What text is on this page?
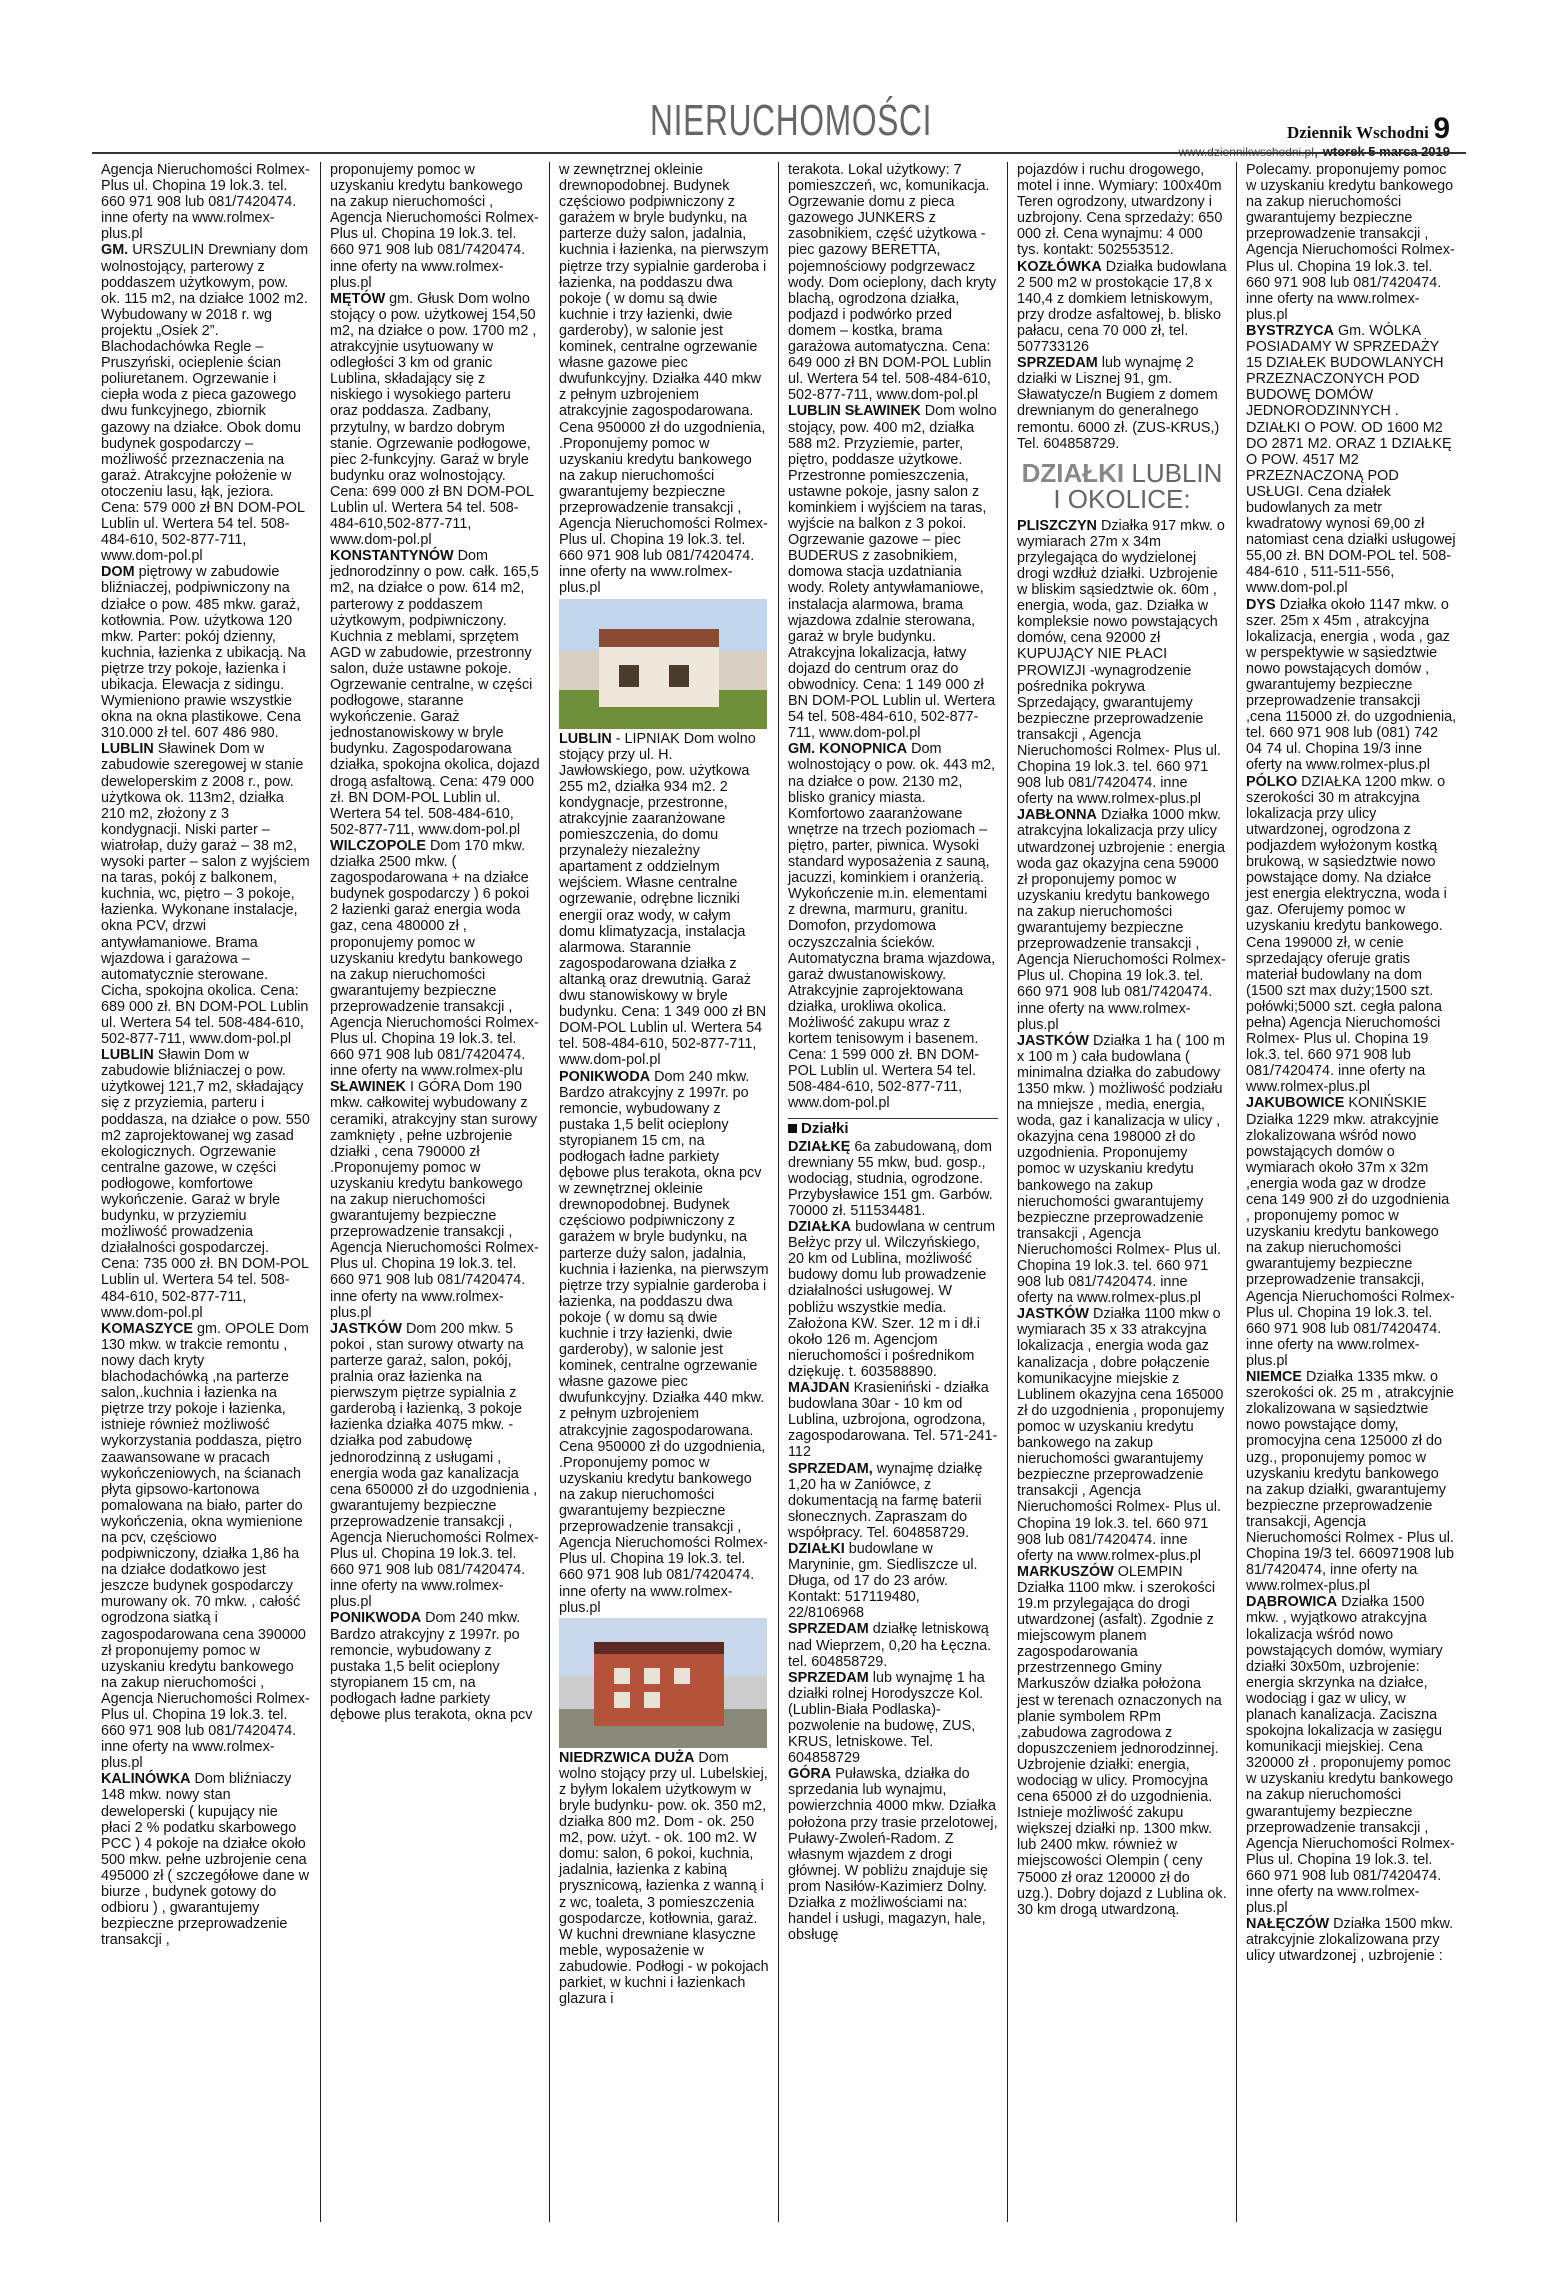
NIERUCHOMOŚCI	Dziennik Wschodni 9

Agencja Nieruchomości Rolmex-Plus ul. Chopina 19 lok.3. tel. 660 971 908 lub 081/7420474. inne oferty na www.rolmex-plus.pl

GM. URSZULIN Drewniany dom wolnostojący, parterowy z poddaszem użytkowym, pow. ok. 115 m2, na działce 1002 m2. Wybudowany w 2018 r. wg projektu „Osiek 2”. Blachodachówka Regle – Pruszyński, ocieplenie ścian poliuretanem. Ogrzewanie i ciepła woda z pieca gazowego dwu funkcyjnego, zbiornik gazowy na działce. Obok domu budynek gospodarczy – możliwość przeznaczenia na garaż. Atrakcyjne położenie w otoczeniu lasu, łąk, jeziora. Cena: 579 000 zł BN DOM-POL Lublin ul. Wertera 54 tel. 508-484-610, 502-877-711, www.dom-pol.pl

DOM piętrowy w zabudowie bliźniaczej, podpiwniczony na działce o pow. 485 mkw. garaż, kotłownia. Pow. użytkowa 120 mkw. Parter: pokój dzienny, kuchnia, łazienka z ubikacją. Na piętrze trzy pokoje, łazienka i ubikacja. Elewacja z sidingu. Wymieniono prawie wszystkie okna na okna plastikowe. Cena 310.000 zł tel. 607 486 980.

LUBLIN Sławinek Dom w zabudowie szeregowej w stanie deweloperskim z 2008 r., pow. użytkowa ok. 113m2, działka 210 m2, złożony z 3 kondygnacji. Niski parter – wiatrołap, duży garaż – 38 m2, wysoki parter – salon z wyjściem na taras, pokój z balkonem, kuchnia, wc, piętro – 3 pokoje, łazienka. Wykonane instalacje, okna PCV, drzwi antywłamaniowe. Brama wjazdowa i garażowa – automatycznie sterowane. Cicha, spokojna okolica. Cena: 689 000 zł. BN DOM-POL Lublin ul. Wertera 54 tel. 508-484-610, 502-877-711, www.dom-pol.pl

LUBLIN Sławin Dom w zabudowie bliźniaczej o pow. użytkowej 121,7 m2, składający się z przyziemia, parteru i poddasza, na działce o pow. 550 m2 zaprojektowanej wg zasad ekologicznych. Ogrzewanie centralne gazowe, w części podłogowe, komfortowe wykończenie. Garaż w bryle budynku, w przyziemiu możliwość prowadzenia działalności gospodarczej. Cena: 735 000 zł. BN DOM-POL Lublin ul. Wertera 54 tel. 508-484-610, 502-877-711, www.dom-pol.pl

KOMASZYCE gm. OPOLE Dom 130 mkw. w trakcie remontu , nowy dach kryty blachodachówką ,na parterze salon,.kuchnia i łazienka na piętrze trzy pokoje i łazienka, istnieje również możliwość wykorzystania poddasza, piętro zaawansowane w pracach wykończeniowych, na ścianach płyta gipsowo-kartonowa pomalowana na biało, parter do wykończenia, okna wymienione na pcv, częściowo podpiwniczony, działka 1,86 ha na działce dodatkowo jest jeszcze budynek gospodarczy murowany ok. 70 mkw. , całość ogrodzona siatką i zagospodarowana cena 390000 zł proponujemy pomoc w uzyskaniu kredytu bankowego na zakup nieruchomości , Agencja Nieruchomości Rolmex- Plus ul. Chopina 19 lok.3. tel. 660 971 908 lub 081/7420474. inne oferty na www.rolmex-plus.pl

KALINÓWKA Dom bliźniaczy 148 mkw. nowy stan deweloperski ( kupujący nie płaci 2 % podatku skarbowego PCC ) 4 pokoje na działce około 500 mkw. pełne uzbrojenie cena 495000 zł ( szczegółowe dane w biurze , budynek gotowy do odbioru ) , gwarantujemy bezpieczne przeprowadzenie transakcji ,

proponujemy pomoc w uzyskaniu kredytu bankowego na zakup nieruchomości , Agencja Nieruchomości Rolmex-Plus ul. Chopina 19 lok.3. tel. 660 971 908 lub 081/7420474. inne oferty na www.rolmex-plus.pl

MĘTÓW gm. Głusk Dom wolno stojący o pow. użytkowej 154,50 m2, na działce o pow. 1700 m2 , atrakcyjnie usytuowany w odległości 3 km od granic Lublina, składający się z niskiego i wysokiego parteru oraz poddasza. Zadbany, przytulny, w bardzo dobrym stanie. Ogrzewanie podłogowe, piec 2-funkcyjny. Garaż w bryle budynku oraz wolnostojący. Cena: 699 000 zł BN DOM-POL Lublin ul. Wertera 54 tel. 508-484-610,502-877-711, www.dom-pol.pl

KONSTANTYNÓW Dom jednorodzinny o pow. całk. 165,5 m2, na działce o pow. 614 m2, parterowy z poddaszem użytkowym, podpiwniczony. Kuchnia z meblami, sprzętem AGD w zabudowie, przestronny salon, duże ustawne pokoje. Ogrzewanie centralne, w części podłogowe, staranne wykończenie. Garaż jednostanowiskowy w bryle budynku. Zagospodarowana działka, spokojna okolica, dojazd drogą asfaltową. Cena: 479 000 zł. BN DOM-POL Lublin ul. Wertera 54 tel. 508-484-610, 502-877-711, www.dom-pol.pl

WILCZOPOLE Dom 170 mkw. działka 2500 mkw. ( zagospodarowana + na działce budynek gospodarczy ) 6 pokoi 2 łazienki garaż energia woda gaz, cena 480000 zł , proponujemy pomoc w uzyskaniu kredytu bankowego na zakup nieruchomości gwarantujemy bezpieczne przeprowadzenie transakcji , Agencja Nieruchomości Rolmex-Plus ul. Chopina 19 lok.3. tel. 660 971 908 lub 081/7420474. inne oferty na www.rolmex-plu

SŁAWINEK I GÓRA Dom 190 mkw. całkowitej wybudowany z ceramiki, atrakcyjny stan surowy zamknięty , pełne uzbrojenie działki , cena 790000 zł .Proponujemy pomoc w uzyskaniu kredytu bankowego na zakup nieruchomości gwarantujemy bezpieczne przeprowadzenie transakcji , Agencja Nieruchomości Rolmex- Plus ul. Chopina 19 lok.3. tel. 660 971 908 lub 081/7420474. inne oferty na www.rolmex-plus.pl

JASTKÓW Dom 200 mkw. 5 pokoi , stan surowy otwarty na parterze garaż, salon, pokój, pralnia oraz łazienka na pierwszym piętrze sypialnia z garderobą i łazienką, 3 pokoje łazienka działka 4075 mkw. - działka pod zabudowę jednorodzinną z usługami , energia woda gaz kanalizacja cena 650000 zł do uzgodnienia , gwarantujemy bezpieczne przeprowadzenie transakcji , Agencja Nieruchomości Rolmex-Plus ul. Chopina 19 lok.3. tel. 660 971 908 lub 081/7420474. inne oferty na www.rolmex-plus.pl

PONIKWODA Dom 240 mkw. Bardzo atrakcyjny z 1997r. po remoncie, wybudowany z pustaka 1,5 belit ocieplony styropianem 15 cm, na podłogach ładne parkiety dębowe plus terakota, okna pcv

w zewnętrznej okleinie drewnopodobnej. Budynek częściowo podpiwniczony z garażem w bryle budynku, na parterze duży salon, jadalnia, kuchnia i łazienka, na pierwszym piętrze trzy sypialnie garderoba i łazienka, na poddaszu dwa pokoje ( w domu są dwie kuchnie i trzy łazienki, dwie garderoby), w salonie jest kominek, centralne ogrzewanie własne gazowe piec dwufunkcyjny. Działka 440 mkw z pełnym uzbrojeniem atrakcyjnie zagospodarowana. Cena 950000 zł do uzgodnienia, .Proponujemy pomoc w uzyskaniu kredytu bankowego na zakup nieruchomości gwarantujemy bezpieczne przeprowadzenie transakcji , Agencja Nieruchomości Rolmex- Plus ul. Chopina 19 lok.3. tel. 660 971 908 lub 081/7420474. inne oferty na www.rolmex-plus.pl

LUBLIN - LIPNIAK Dom wolno stojący przy ul. H. Jawłowskiego, pow. użytkowa 255 m2, działka 934 m2. 2 kondygnacje, przestronne, atrakcyjnie zaaranżowane pomieszczenia, do domu przynależy niezależny apartament z oddzielnym wejściem. Własne centralne ogrzewanie, odrębne liczniki energii oraz wody, w całym domu klimatyzacja, instalacja alarmowa. Starannie zagospodarowana działka z altanką oraz drewutnią. Garaż dwu stanowiskowy w bryle budynku. Cena: 1 349 000 zł BN DOM-POL Lublin ul. Wertera 54 tel. 508-484-610, 502-877-711, www.dom-pol.pl

PONIKWODA Dom 240 mkw. Bardzo atrakcyjny z 1997r. po remoncie, wybudowany z pustaka 1,5 belit ocieplony styropianem 15 cm, na podłogach ładne parkiety dębowe plus terakota, okna pcv w zewnętrznej okleinie drewnopodobnej. Budynek częściowo podpiwniczony z garażem w bryle budynku, na parterze duży salon, jadalnia, kuchnia i łazienka, na pierwszym piętrze trzy sypialnie garderoba i łazienka, na poddaszu dwa pokoje ( w domu są dwie kuchnie i trzy łazienki, dwie garderoby), w salonie jest kominek, centralne ogrzewanie własne gazowe piec dwufunkcyjny. Działka 440 mkw. z pełnym uzbrojeniem atrakcyjnie zagospodarowana. Cena 950000 zł do uzgodnienia, .Proponujemy pomoc w uzyskaniu kredytu bankowego na zakup nieruchomości gwarantujemy bezpieczne przeprowadzenie transakcji , Agencja Nieruchomości Rolmex- Plus ul. Chopina 19 lok.3. tel. 660 971 908 lub 081/7420474. inne oferty na www.rolmex-plus.pl

NIEDRZWICA DUŻA Dom wolno stojący przy ul. Lubelskiej, z byłym lokalem użytkowym w bryle budynku- pow. ok. 350 m2, działka 800 m2. Dom - ok. 250 m2, pow. użyt. - ok. 100 m2. W domu: salon, 6 pokoi, kuchnia, jadalnia, łazienka z kabiną prysznicową, łazienka z wanną i z wc, toaleta, 3 pomieszczenia gospodarcze, kotłownia, garaż. W kuchni drewniane klasyczne meble, wyposażenie w zabudowie. Podłogi - w pokojach parkiet, w kuchni i łazienkach glazura i

terakota. Lokal użytkowy: 7 pomieszczeń, wc, komunikacja. Ogrzewanie domu z pieca gazowego JUNKERS z zasobnikiem, część użytkowa - piec gazowy BERETTA, pojemnościowy podgrzewacz wody. Dom ocieplony, dach kryty blachą, ogrodzona działka, podjazd i podwórko przed domem – kostka, brama garażowa automatyczna. Cena: 649 000 zł BN DOM-POL Lublin ul. Wertera 54 tel. 508-484-610, 502-877-711, www.dom-pol.pl

LUBLIN SŁAWINEK Dom wolno stojący, pow. 400 m2, działka 588 m2. Przyziemie, parter, piętro, poddasze użytkowe. Przestronne pomieszczenia, ustawne pokoje, jasny salon z kominkiem i wyjściem na taras, wyjście na balkon z 3 pokoi. Ogrzewanie gazowe – piec BUDERUS z zasobnikiem, domowa stacja uzdatniania wody. Rolety antywłamaniowe, instalacja alarmowa, brama wjazdowa zdalnie sterowana, garaż w bryle budynku. Atrakcyjna lokalizacja, łatwy dojazd do centrum oraz do obwodnicy. Cena: 1 149 000 zł BN DOM-POL Lublin ul. Wertera 54 tel. 508-484-610, 502-877-711, www.dom-pol.pl

GM. KONOPNICA Dom wolnostojący o pow. ok. 443 m2, na działce o pow. 2130 m2, blisko granicy miasta. Komfortowo zaaranżowane wnętrze na trzech poziomach – piętro, parter, piwnica. Wysoki standard wyposażenia z sauną, jacuzzi, kominkiem i oranżerią. Wykończenie m.in. elementami z drewna, marmuru, granitu. Domofon, przydomowa oczyszczalnia ścieków. Automatyczna brama wjazdowa, garaż dwustanowiskowy. Atrakcyjnie zaprojektowana działka, urokliwa okolica. Możliwość zakupu wraz z kortem tenisowym i basenem. Cena: 1 599 000 zł. BN DOM-POL Lublin ul. Wertera 54 tel. 508-484-610, 502-877-711, www.dom-pol.pl

Działki

DZIAŁKĘ 6a zabudowaną, dom drewniany 55 mkw, bud. gosp., wodociąg, studnia, ogrodzone. Przybysławice 151 gm. Garbów. 70000 zł. 511534481.

DZIAŁKA budowlana w centrum Bełżyc przy ul. Wilczyńskiego, 20 km od Lublina, możliwość budowy domu lub prowadzenie działalności usługowej. W pobliżu wszystkie media. Założona KW. Szer. 12 m i dł.i około 126 m. Agencjom nieruchomości i pośrednikom dziękuję. t. 603588890.

MAJDAN Krasieniński - działka budowlana 30ar - 10 km od Lublina, uzbrojona, ogrodzona, zagospodarowana. Tel. 571-241-112

SPRZEDAM, wynajmę działkę 1,20 ha w Zaniówce, z dokumentacją na farmę baterii słonecznych. Zapraszam do współpracy. Tel. 604858729.

DZIAŁKI budowlane w Maryninie, gm. Siedliszcze ul. Długa, od 17 do 23 arów. Kontakt: 517119480, 22/8106968

SPRZEDAM działkę letniskową nad Wieprzem, 0,20 ha Łęczna. tel. 604858729.

SPRZEDAM lub wynajmę 1 ha działki rolnej Horodyszcze Kol. (Lublin-Biała Podlaska)- pozwolenie na budowę, ZUS, KRUS, letniskowe. Tel. 604858729

GÓRA Puławska, działka do sprzedania lub wynajmu, powierzchnia 4000 mkw. Działka położona przy trasie przelotowej, Puławy-Zwoleń-Radom. Z własnym wjazdem z drogi głównej. W pobliżu znajduje się prom Nasiłów-Kazimierz Dolny. Działka z możliwościami na: handel i usługi, magazyn, hale, obsługę

pojazdów i ruchu drogowego, motel i inne. Wymiary: 100x40m Teren ogrodzony, utwardzony i uzbrojony. Cena sprzedaży: 650 000 zł. Cena wynajmu: 4 000 tys. kontakt: 502553512.

KOZŁÓWKA Działka budowlana 2 500 m2 w prostokącie 17,8 x 140,4 z domkiem letniskowym, przy drodze asfaltowej, b. blisko pałacu, cena 70 000 zł, tel. 507733126

SPRZEDAM lub wynajmę 2 działki w Lisznej 91, gm. Sławatycze/n Bugiem z domem drewnianym do generalnego remontu. 6000 zł. (ZUS-KRUS,) Tel. 604858729.

DZIAŁKI LUBLIN I OKOLICE:

PLISZCZYN Działka 917 mkw. o wymiarach 27m x 34m przylegająca do wydzielonej drogi wzdłuż działki. Uzbrojenie w bliskim sąsiedztwie ok. 60m , energia, woda, gaz. Działka w kompleksie nowo powstających domów, cena 92000 zł KUPUJĄCY NIE PŁACI PROWIZJI -wynagrodzenie pośrednika pokrywa Sprzedający, gwarantujemy bezpieczne przeprowadzenie transakcji , Agencja Nieruchomości Rolmex- Plus ul. Chopina 19 lok.3. tel. 660 971 908 lub 081/7420474. inne oferty na www.rolmex-plus.pl

JABŁONNA Działka 1000 mkw. atrakcyjna lokalizacja przy ulicy utwardzonej uzbrojenie : energia woda gaz okazyjna cena 59000 zł proponujemy pomoc w uzyskaniu kredytu bankowego na zakup nieruchomości gwarantujemy bezpieczne przeprowadzenie transakcji , Agencja Nieruchomości Rolmex- Plus ul. Chopina 19 lok.3. tel. 660 971 908 lub 081/7420474. inne oferty na www.rolmex-plus.pl

JASTKÓW Działka 1 ha ( 100 m x 100 m ) cała budowlana ( minimalna działka do zabudowy 1350 mkw. ) możliwość podziału na mniejsze , media, energia, woda, gaz i kanalizacja w ulicy , okazyjna cena 198000 zł do uzgodnienia. Proponujemy pomoc w uzyskaniu kredytu bankowego na zakup nieruchomości gwarantujemy bezpieczne przeprowadzenie transakcji , Agencja Nieruchomości Rolmex- Plus ul. Chopina 19 lok.3. tel. 660 971 908 lub 081/7420474. inne oferty na www.rolmex-plus.pl

JASTKÓW Działka 1100 mkw o wymiarach 35 x 33 atrakcyjna lokalizacja , energia woda gaz kanalizacja , dobre połączenie komunikacyjne miejskie z Lublinem okazyjna cena 165000 zł do uzgodnienia , proponujemy pomoc w uzyskaniu kredytu bankowego na zakup nieruchomości gwarantujemy bezpieczne przeprowadzenie transakcji , Agencja Nieruchomości Rolmex- Plus ul. Chopina 19 lok.3. tel. 660 971 908 lub 081/7420474. inne oferty na www.rolmex-plus.pl

MARKUSZÓW OLEMPIN Działka 1100 mkw. i szerokości 19.m przylegająca do drogi utwardzonej (asfalt). Zgodnie z miejscowym planem zagospodarowania przestrzennego Gminy Markuszów działka położona jest w terenach oznaczonych na planie symbolem RPm ,zabudowa zagrodowa z dopuszczeniem jednorodzinnej. Uzbrojenie działki: energia, wodociąg w ulicy. Promocyjna cena 65000 zł do uzgodnienia. Istnieje możliwość zakupu większej działki np. 1300 mkw. lub 2400 mkw. również w miejscowości Olempin ( ceny 75000 zł oraz 120000 zł do uzg.). Dobry dojazd z Lublina ok. 30 km drogą utwardzoną.

Polecamy. proponujemy pomoc w uzyskaniu kredytu bankowego na zakup nieruchomości gwarantujemy bezpieczne przeprowadzenie transakcji , Agencja Nieruchomości Rolmex- Plus ul. Chopina 19 lok.3. tel. 660 971 908 lub 081/7420474. inne oferty na www.rolmex-plus.pl

BYSTRZYCA Gm. WÓLKA POSIADAMY W SPRZEDAŻY 15 DZIAŁEK BUDOWLANYCH PRZEZNACZONYCH POD BUDOWĘ DOMÓW JEDNORODZINNYCH . DZIAŁKI O POW. OD 1600 M2 DO 2871 M2. ORAZ 1 DZIAŁKĘ O POW. 4517 M2 PRZEZNACZONĄ POD USŁUGI. Cena działek budowlanych za metr kwadratowy wynosi 69,00 zł natomiast cena działki usługowej 55,00 zł. BN DOM-POL tel. 508-484-610 , 511-511-556, www.dom-pol.pl

DYS Działka około 1147 mkw. o szer. 25m x 45m , atrakcyjna lokalizacja, energia , woda , gaz w perspektywie w sąsiedztwie nowo powstających domów , gwarantujemy bezpieczne przeprowadzenie transakcji ,cena 115000 zł. do uzgodnienia, tel. 660 971 908 lub (081) 742 04 74 ul. Chopina 19/3 inne oferty na www.rolmex-plus.pl

PÓLKO DZIAŁKA 1200 mkw. o szerokości 30 m atrakcyjna lokalizacja przy ulicy utwardzonej, ogrodzona z podjazdem wyłożonym kostką brukową, w sąsiedztwie nowo powstające domy. Na działce jest energia elektryczna, woda i gaz. Oferujemy pomoc w uzyskaniu kredytu bankowego. Cena 199000 zł, w cenie sprzedający oferuje gratis materiał budowlany na dom (1500 szt max duży;1500 szt. połówki;5000 szt. cegła palona pełna) Agencja Nieruchomości Rolmex- Plus ul. Chopina 19 lok.3. tel. 660 971 908 lub 081/7420474. inne oferty na www.rolmex-plus.pl

JAKUBOWICE KONIŃSKIE Działka 1229 mkw. atrakcyjnie zlokalizowana wśród nowo powstających domów o wymiarach około 37m x 32m ,energia woda gaz w drodze cena 149 900 zł do uzgodnienia , proponujemy pomoc w uzyskaniu kredytu bankowego na zakup nieruchomości gwarantujemy bezpieczne przeprowadzenie transakcji, Agencja Nieruchomości Rolmex- Plus ul. Chopina 19 lok.3. tel. 660 971 908 lub 081/7420474. inne oferty na www.rolmex-plus.pl

NIEMCE Działka 1335 mkw. o szerokości ok. 25 m , atrakcyjnie zlokalizowana w sąsiedztwie nowo powstające domy, promocyjna cena 125000 zł do uzg., proponujemy pomoc w uzyskaniu kredytu bankowego na zakup działki, gwarantujemy bezpieczne przeprowadzenie transakcji, Agencja Nieruchomości Rolmex - Plus ul. Chopina 19/3 tel. 660971908 lub 81/7420474, inne oferty na www.rolmex-plus.pl

DĄBROWICA Działka 1500 mkw. , wyjątkowo atrakcyjna lokalizacja wśród nowo powstających domów, wymiary działki 30x50m, uzbrojenie: energia skrzynka na działce, wodociąg i gaz w ulicy, w planach kanalizacja. Zaciszna spokojna lokalizacja w zasięgu komunikacji miejskiej. Cena 320000 zł . proponujemy pomoc w uzyskaniu kredytu bankowego na zakup nieruchomości gwarantujemy bezpieczne przeprowadzenie transakcji , Agencja Nieruchomości Rolmex- Plus ul. Chopina 19 lok.3. tel. 660 971 908 lub 081/7420474. inne oferty na www.rolmex-plus.pl

NAŁĘCZÓW Działka 1500 mkw. atrakcyjnie zlokalizowana przy ulicy utwardzonej , uzbrojenie :
